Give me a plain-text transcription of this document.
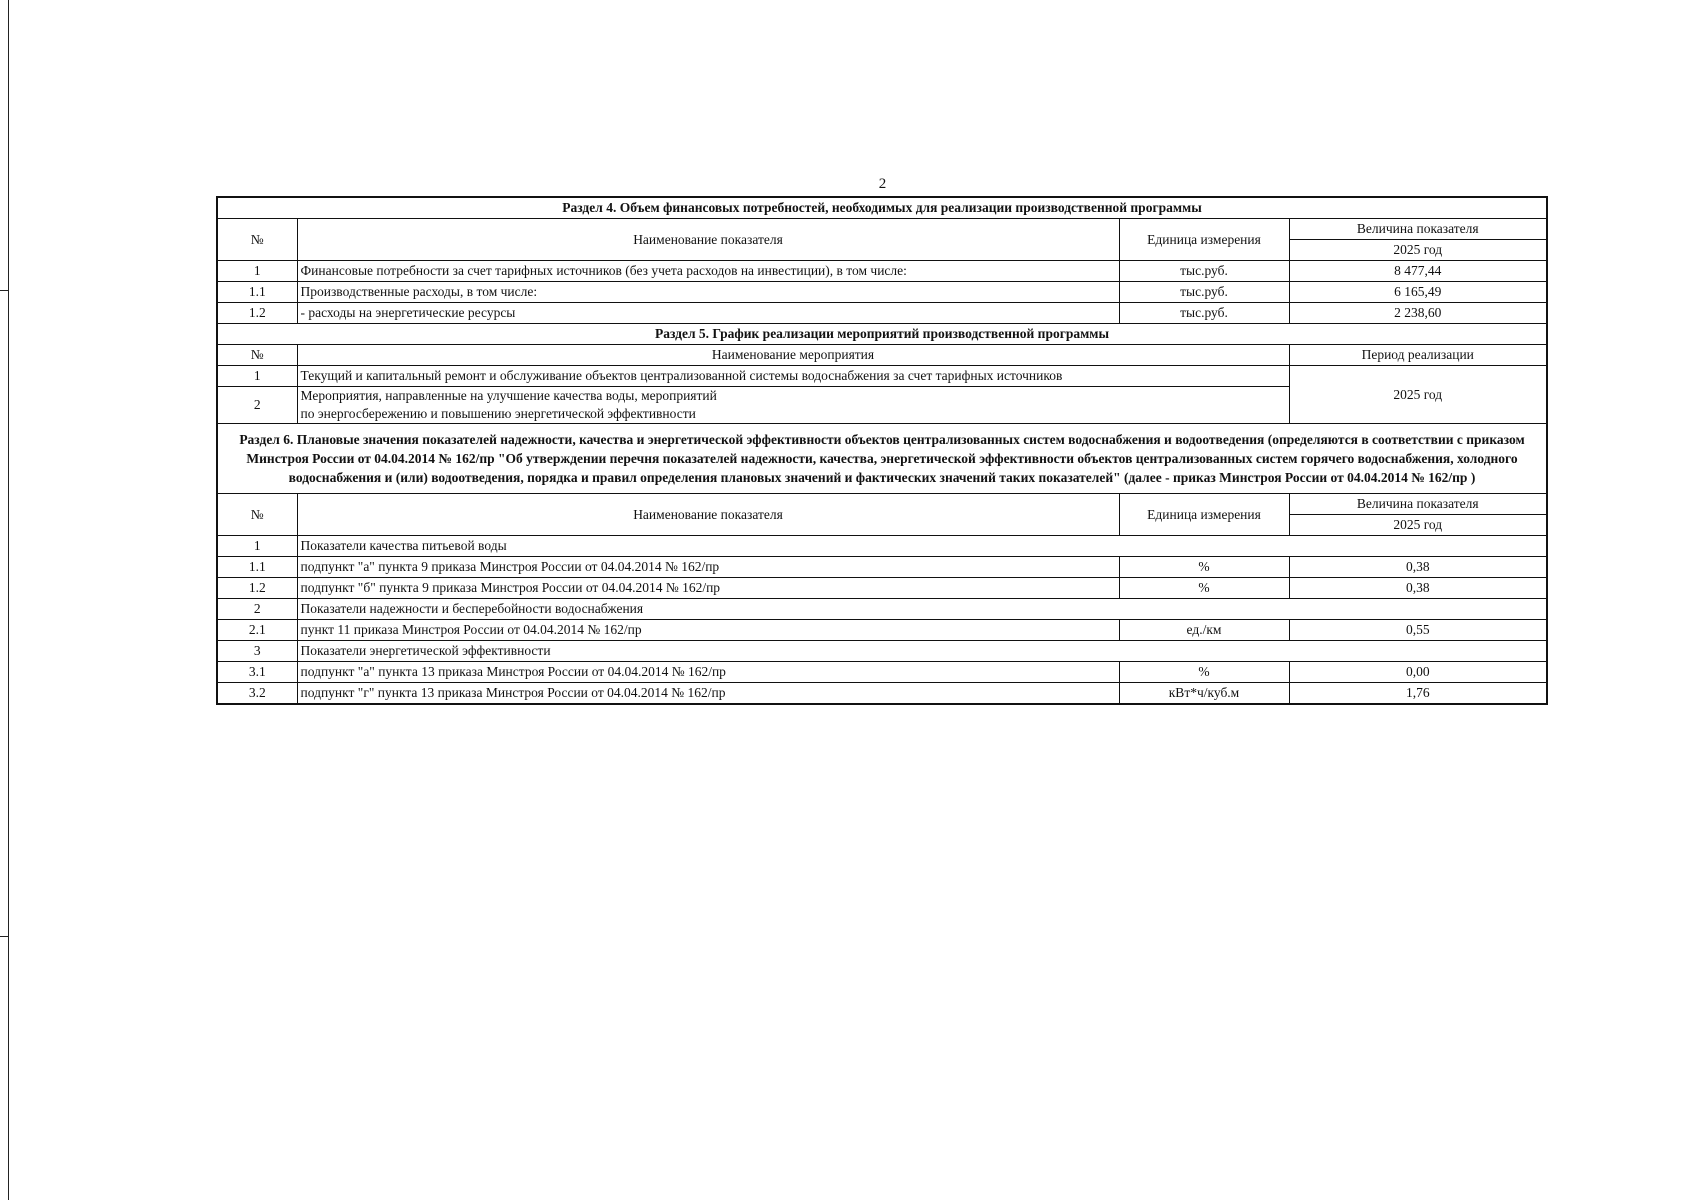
2
Раздел 4. Объем финансовых потребностей, необходимых для реализации производственной программы			
№	Наименование показателя	Единица измерения	Величина показателя
			2025 год
1	Финансовые потребности за счет тарифных источников (без учета расходов на инвестиции), в том числе:	тыс.руб.	8 477,44
1.1	Производственные расходы, в том числе:	тыс.руб.	6 165,49
1.2	- расходы на энергетические ресурсы	тыс.руб.	2 238,60
Раздел 5. График реализации мероприятий производственной программы			
№	Наименование мероприятия		Период реализации
1	Текущий и капитальный ремонт и обслуживание объектов централизованной системы водоснабжения за счет тарифных источников		2025 год
2	Мероприятия, направленные на улучшение качества воды, мероприятий
по энергосбережению и повышению энергетической эффективности		

Раздел 6. Плановые значения показателей надежности, качества и энергетической эффективности объектов централизованных систем водоснабжения и водоотведения (определяются в соответствии с приказом Минстроя России от 04.04.2014 № 162/пр "Об утверждении перечня показателей надежности, качества, энергетической эффективности объектов централизованных систем горячего водоснабжения, холодного водоснабжения и (или) водоотведения, порядка и правил определения плановых значений и фактических значений таких показателей" (далее - приказ Минстроя России от 04.04.2014 № 162/пр )			
№	Наименование показателя	Единица измерения	Величина показателя
			2025 год
1	Показатели качества питьевой воды		
1.1	подпункт "а" пункта 9 приказа Минстроя России от 04.04.2014 № 162/пр	%	0,38
1.2	подпункт "б" пункта 9 приказа Минстроя России от 04.04.2014 № 162/пр	%	0,38
2	Показатели надежности и бесперебойности водоснабжения		
2.1	пункт 11 приказа Минстроя России от 04.04.2014 № 162/пр	ед./км	0,55
3	Показатели энергетической эффективности		
3.1	подпункт "а" пункта 13 приказа Минстроя России от 04.04.2014 № 162/пр	%	0,00
3.2	подпункт "г" пункта 13 приказа Минстроя России от 04.04.2014 № 162/пр	кВт*ч/куб.м	1,76
